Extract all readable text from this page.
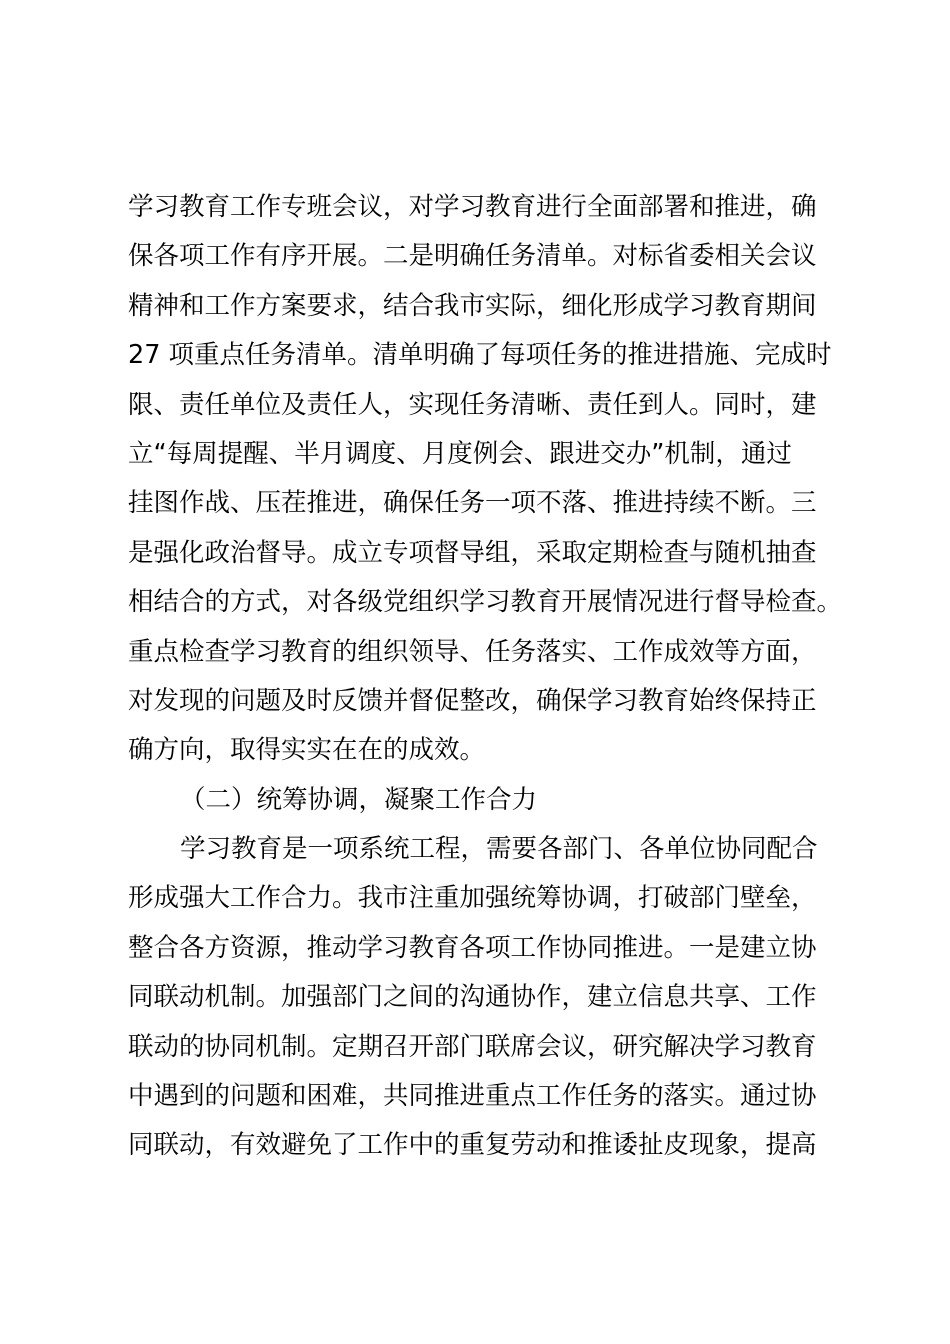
学习教育工作专班会议，对学习教育进行全面部署和推进，确
保各项工作有序开展。二是明确任务清单。对标省委相关会议
精神和工作方案要求，结合我市实际，细化形成学习教育期间
27 项重点任务清单。清单明确了每项任务的推进措施、完成时
限、责任单位及责任人，实现任务清晰、责任到人。同时，建
立“每周提醒、半月调度、月度例会、跟进交办”机制，通过
挂图作战、压茬推进，确保任务一项不落、推进持续不断。三
是强化政治督导。成立专项督导组，采取定期检查与随机抽查
相结合的方式，对各级党组织学习教育开展情况进行督导检查。
重点检查学习教育的组织领导、任务落实、工作成效等方面，
对发现的问题及时反馈并督促整改，确保学习教育始终保持正
确方向，取得实实在在的成效。
（二）统筹协调，凝聚工作合力
学习教育是一项系统工程，需要各部门、各单位协同配合
形成强大工作合力。我市注重加强统筹协调，打破部门壁垒，
整合各方资源，推动学习教育各项工作协同推进。一是建立协
同联动机制。加强部门之间的沟通协作，建立信息共享、工作
联动的协同机制。定期召开部门联席会议，研究解决学习教育
中遇到的问题和困难，共同推进重点工作任务的落实。通过协
同联动，有效避免了工作中的重复劳动和推诿扯皮现象，提高
